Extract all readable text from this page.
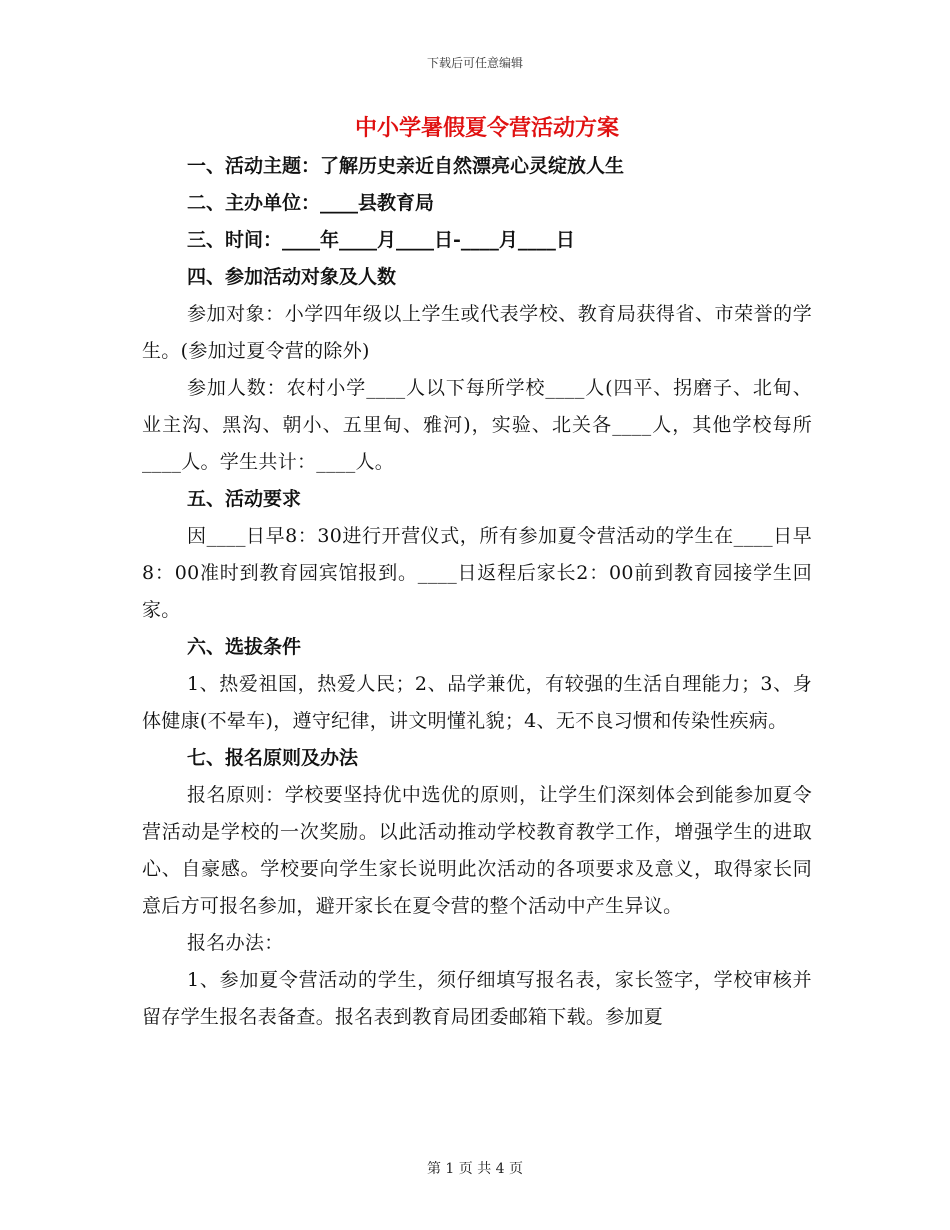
下载后可任意编辑
中小学暑假夏令营活动方案
一、活动主题：了解历史亲近自然漂亮心灵绽放人生
二、主办单位：____县教育局
三、时间：____年____月____日-____月____日
四、参加活动对象及人数

参加对象：小学四年级以上学生或代表学校、教育局获得省、市荣誉的学生。(参加过夏令营的除外)

参加人数：农村小学____人以下每所学校____人(四平、拐磨子、北甸、业主沟、黑沟、朝小、五里甸、雅河)，实验、北关各____人，其他学校每所____人。学生共计：____人。

五、活动要求

因____日早8：30进行开营仪式，所有参加夏令营活动的学生在____日早8：00准时到教育园宾馆报到。____日返程后家长2：00前到教育园接学生回家。

六、选拔条件

1、热爱祖国，热爱人民；2、品学兼优，有较强的生活自理能力；3、身体健康(不晕车)，遵守纪律，讲文明懂礼貌；4、无不良习惯和传染性疾病。

七、报名原则及办法

报名原则：学校要坚持优中选优的原则，让学生们深刻体会到能参加夏令营活动是学校的一次奖励。以此活动推动学校教育教学工作，增强学生的进取心、自豪感。学校要向学生家长说明此次活动的各项要求及意义，取得家长同意后方可报名参加，避开家长在夏令营的整个活动中产生异议。

报名办法：

1、参加夏令营活动的学生，须仔细填写报名表，家长签字，学校审核并留存学生报名表备查。报名表到教育局团委邮箱下载。参加夏

第 1 页 共 4 页
